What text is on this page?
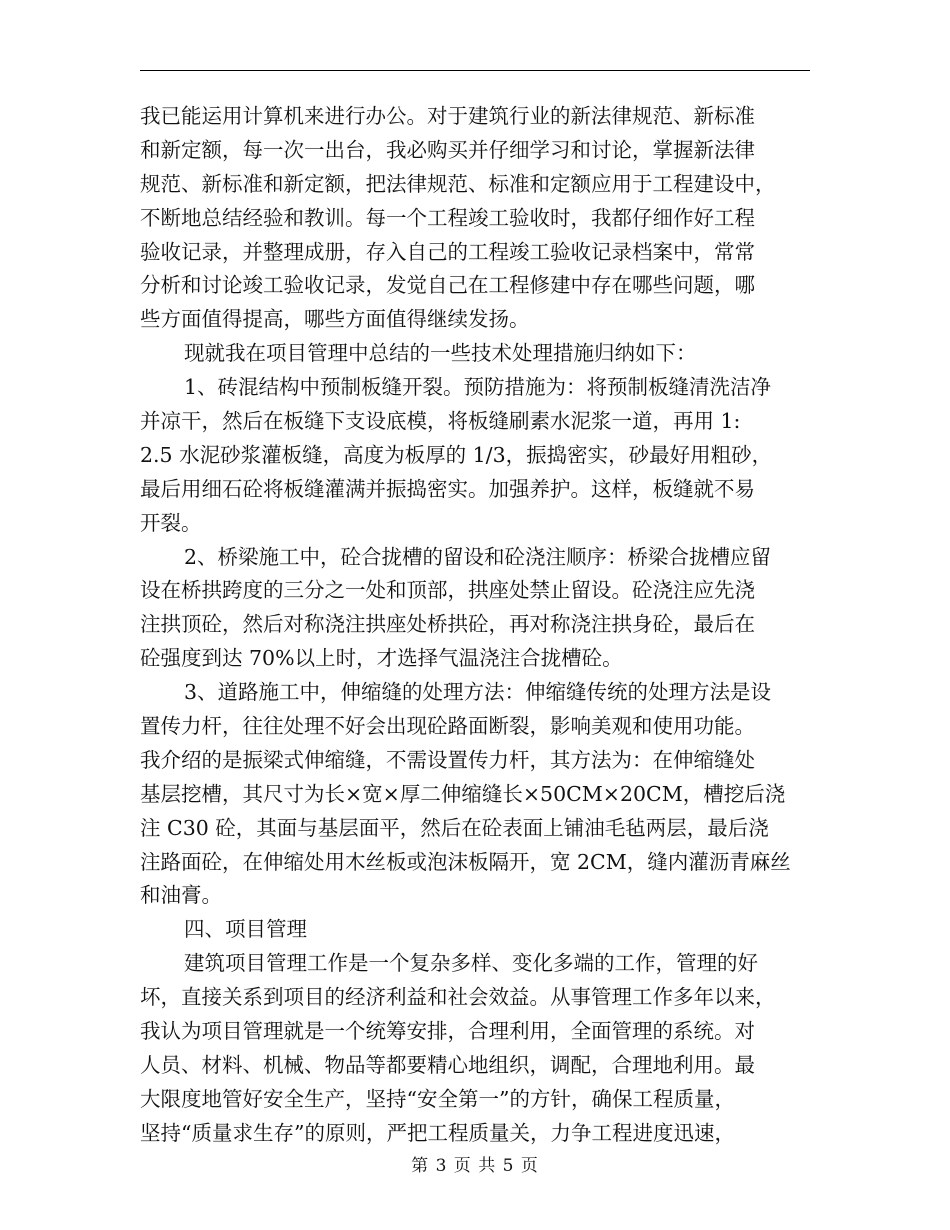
我已能运用计算机来进行办公。对于建筑行业的新法律规范、新标准
和新定额，每一次一出台，我必购买并仔细学习和讨论，掌握新法律
规范、新标准和新定额，把法律规范、标准和定额应用于工程建设中，
不断地总结经验和教训。每一个工程竣工验收时，我都仔细作好工程
验收记录，并整理成册，存入自己的工程竣工验收记录档案中，常常
分析和讨论竣工验收记录，发觉自己在工程修建中存在哪些问题，哪
些方面值得提高，哪些方面值得继续发扬。
现就我在项目管理中总结的一些技术处理措施归纳如下：
1、砖混结构中预制板缝开裂。预防措施为：将预制板缝清洗洁净
并凉干，然后在板缝下支设底模，将板缝刷素水泥浆一道，再用 1:
2.5 水泥砂浆灌板缝，高度为板厚的 1/3，振捣密实，砂最好用粗砂，
最后用细石砼将板缝灌满并振捣密实。加强养护。这样，板缝就不易
开裂。
2、桥梁施工中，砼合拢槽的留设和砼浇注顺序：桥梁合拢槽应留
设在桥拱跨度的三分之一处和顶部，拱座处禁止留设。砼浇注应先浇
注拱顶砼，然后对称浇注拱座处桥拱砼，再对称浇注拱身砼，最后在
砼强度到达 70%以上时，才选择气温浇注合拢槽砼。
3、道路施工中，伸缩缝的处理方法：伸缩缝传统的处理方法是设
置传力杆，往往处理不好会出现砼路面断裂，影响美观和使用功能。
我介绍的是振梁式伸缩缝，不需设置传力杆，其方法为：在伸缩缝处
基层挖槽，其尺寸为长×宽×厚二伸缩缝长×50CM×20CM，槽挖后浇
注 C30 砼，其面与基层面平，然后在砼表面上铺油毛毡两层，最后浇
注路面砼，在伸缩处用木丝板或泡沫板隔开，宽 2CM，缝内灌沥青麻丝
和油膏。
四、项目管理
建筑项目管理工作是一个复杂多样、变化多端的工作，管理的好
坏，直接关系到项目的经济利益和社会效益。从事管理工作多年以来，
我认为项目管理就是一个统筹安排，合理利用，全面管理的系统。对
人员、材料、机械、物品等都要精心地组织，调配，合理地利用。最
大限度地管好安全生产，坚持“安全第一”的方针，确保工程质量，
坚持“质量求生存”的原则，严把工程质量关，力争工程进度迅速，
第 3 页 共 5 页
